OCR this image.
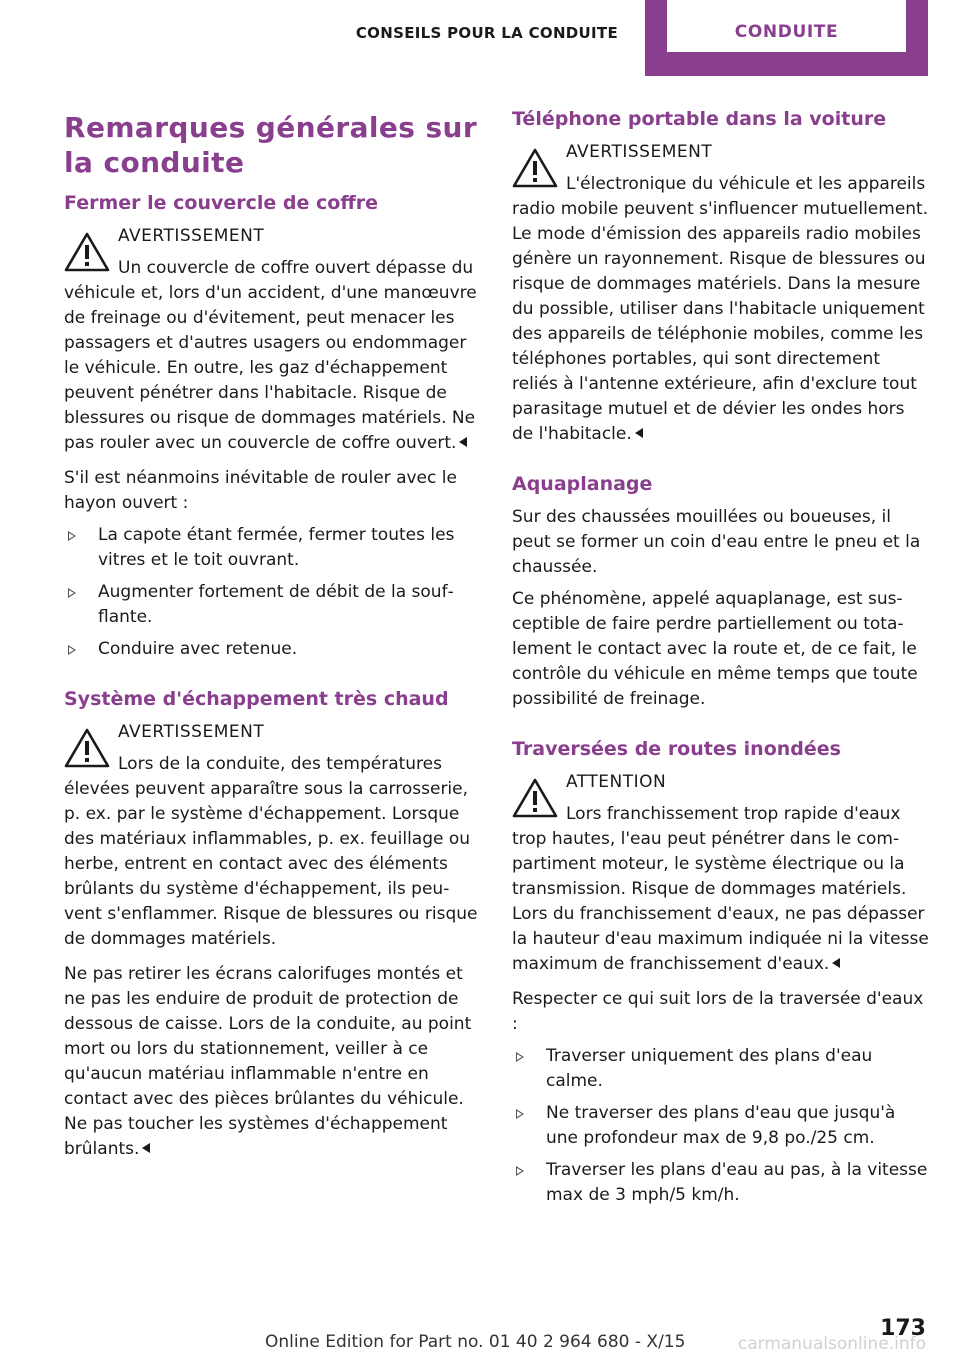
CONSEILS POUR LA CONDUITE	CONDUITE
Remarques générales sur la conduite
Fermer le couvercle de coffre
AVERTISSEMENT

Un couvercle de coffre ouvert dépasse du véhicule et, lors d'un accident, d'une manœuvre de freinage ou d'évitement, peut menacer les passagers et d'autres usagers ou endommager le véhicule. En outre, les gaz d'échappement peuvent pénétrer dans l'habitacle. Risque de blessures ou risque de dommages matériels. Ne pas rouler avec un couvercle de coffre ouvert.

S'il est néanmoins inévitable de rouler avec le hayon ouvert :

La capote étant fermée, fermer toutes les vitres et le toit ouvrant.
Augmenter fortement de débit de la soufflante.
Conduire avec retenue.
Système d'échappement très chaud
AVERTISSEMENT

Lors de la conduite, des températures élevées peuvent apparaître sous la carrosserie, p. ex. par le système d'échappement. Lorsque des matériaux inflammables, p. ex. feuillage ou herbe, entrent en contact avec des éléments brûlants du système d'échappement, ils peuvent s'enflammer. Risque de blessures ou risque de dommages matériels.

Ne pas retirer les écrans calorifuges montés et ne pas les enduire de produit de protection de dessous de caisse. Lors de la conduite, au point mort ou lors du stationnement, veiller à ce qu'aucun matériau inflammable n'entre en contact avec des pièces brûlantes du véhicule. Ne pas toucher les systèmes d'échappement brûlants.

Téléphone portable dans la voiture
AVERTISSEMENT

L'électronique du véhicule et les appareils radio mobile peuvent s'influencer mutuellement. Le mode d'émission des appareils radio mobiles génère un rayonnement. Risque de blessures ou risque de dommages matériels. Dans la mesure du possible, utiliser dans l'habitacle uniquement des appareils de téléphonie mobiles, comme les téléphones portables, qui sont directement reliés à l'antenne extérieure, afin d'exclure tout parasitage mutuel et de dévier les ondes hors de l'habitacle.

Aquaplanage

Sur des chaussées mouillées ou boueuses, il peut se former un coin d'eau entre le pneu et la chaussée.

Ce phénomène, appelé aquaplanage, est susceptible de faire perdre partiellement ou totalement le contact avec la route et, de ce fait, le contrôle du véhicule en même temps que toute possibilité de freinage.

Traversées de routes inondées
ATTENTION

Lors franchissement trop rapide d'eaux trop hautes, l'eau peut pénétrer dans le compartiment moteur, le système électrique ou la transmission. Risque de dommages matériels. Lors du franchissement d'eaux, ne pas dépasser la hauteur d'eau maximum indiquée ni la vitesse maximum de franchissement d'eaux.

Respecter ce qui suit lors de la traversée d'eaux :

Traverser uniquement des plans d'eau calme.
Ne traverser des plans d'eau que jusqu'à une profondeur max de 9,8 po./25 cm.
Traverser les plans d'eau au pas, à la vitesse max de 3 mph/5 km/h.
173
Online Edition for Part no. 01 40 2 964 680 - X/15	carmanualsonline.info
